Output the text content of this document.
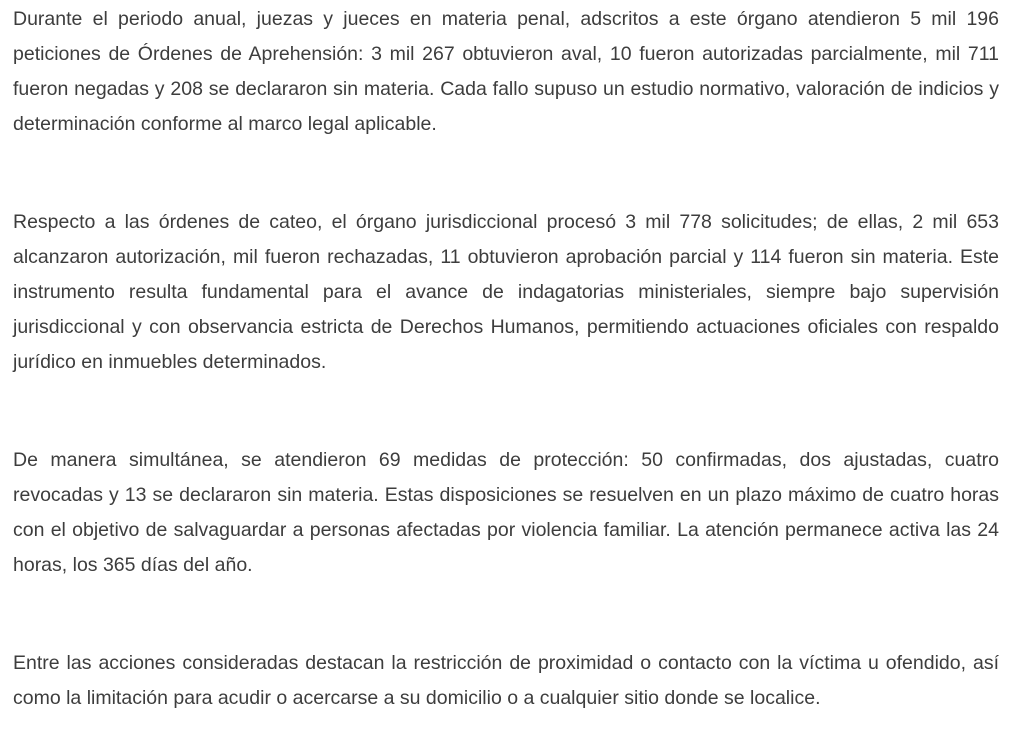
Durante el periodo anual, juezas y jueces en materia penal, adscritos a este órgano atendieron 5 mil 196 peticiones de Órdenes de Aprehensión: 3 mil 267 obtuvieron aval, 10 fueron autorizadas parcialmente, mil 711 fueron negadas y 208 se declararon sin materia. Cada fallo supuso un estudio normativo, valoración de indicios y determinación conforme al marco legal aplicable.

Respecto a las órdenes de cateo, el órgano jurisdiccional procesó 3 mil 778 solicitudes; de ellas, 2 mil 653 alcanzaron autorización, mil fueron rechazadas, 11 obtuvieron aprobación parcial y 114 fueron sin materia. Este instrumento resulta fundamental para el avance de indagatorias ministeriales, siempre bajo supervisión jurisdiccional y con observancia estricta de Derechos Humanos, permitiendo actuaciones oficiales con respaldo jurídico en inmuebles determinados.

De manera simultánea, se atendieron 69 medidas de protección: 50 confirmadas, dos ajustadas, cuatro revocadas y 13 se declararon sin materia. Estas disposiciones se resuelven en un plazo máximo de cuatro horas con el objetivo de salvaguardar a personas afectadas por violencia familiar. La atención permanece activa las 24 horas, los 365 días del año.

Entre las acciones consideradas destacan la restricción de proximidad o contacto con la víctima u ofendido, así como la limitación para acudir o acercarse a su domicilio o a cualquier sitio donde se localice.
